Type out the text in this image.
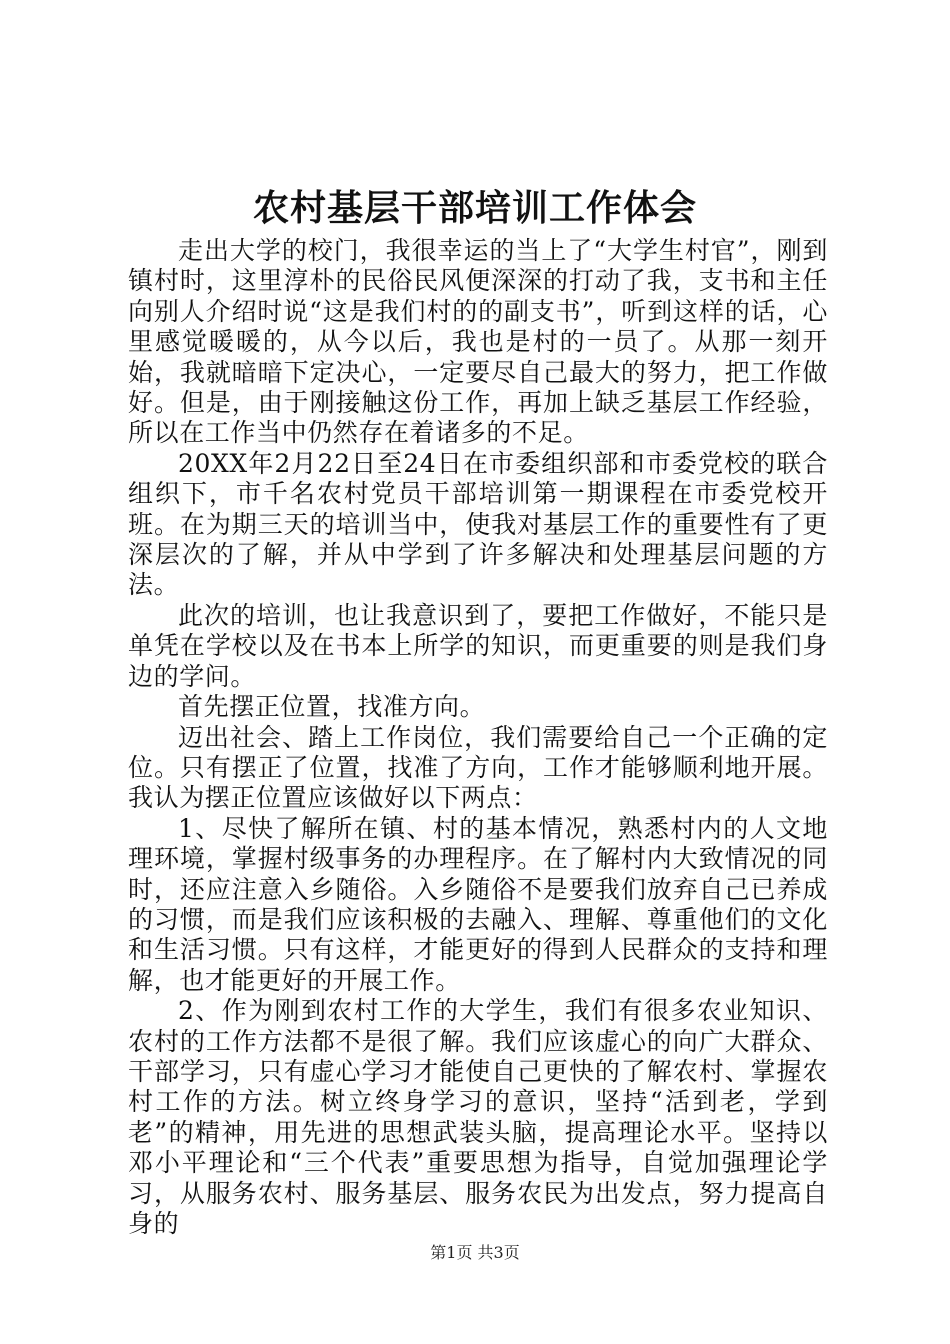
农村基层干部培训工作体会

走出大学的校门，我很幸运的当上了“大学生村官”，刚到镇村时，这里淳朴的民俗民风便深深的打动了我，支书和主任向别人介绍时说“这是我们村的的副支书”，听到这样的话，心里感觉暖暖的，从今以后，我也是村的一员了。从那一刻开始，我就暗暗下定决心，一定要尽自己最大的努力，把工作做好。但是，由于刚接触这份工作，再加上缺乏基层工作经验，所以在工作当中仍然存在着诸多的不足。

20XX年2月22日至24日在市委组织部和市委党校的联合组织下，市千名农村党员干部培训第一期课程在市委党校开班。在为期三天的培训当中，使我对基层工作的重要性有了更深层次的了解，并从中学到了许多解决和处理基层问题的方法。

此次的培训，也让我意识到了，要把工作做好，不能只是单凭在学校以及在书本上所学的知识，而更重要的则是我们身边的学问。

首先摆正位置，找准方向。

迈出社会、踏上工作岗位，我们需要给自己一个正确的定位。只有摆正了位置，找准了方向，工作才能够顺利地开展。我认为摆正位置应该做好以下两点：

1、尽快了解所在镇、村的基本情况，熟悉村内的人文地理环境，掌握村级事务的办理程序。在了解村内大致情况的同时，还应注意入乡随俗。入乡随俗不是要我们放弃自己已养成的习惯，而是我们应该积极的去融入、理解、尊重他们的文化和生活习惯。只有这样，才能更好的得到人民群众的支持和理解，也才能更好的开展工作。

2、作为刚到农村工作的大学生，我们有很多农业知识、农村的工作方法都不是很了解。我们应该虚心的向广大群众、干部学习，只有虚心学习才能使自己更快的了解农村、掌握农村工作的方法。树立终身学习的意识，坚持“活到老，学到老”的精神，用先进的思想武装头脑，提高理论水平。坚持以邓小平理论和“三个代表”重要思想为指导，自觉加强理论学习，从服务农村、服务基层、服务农民为出发点，努力提高自身的

第1页 共3页
